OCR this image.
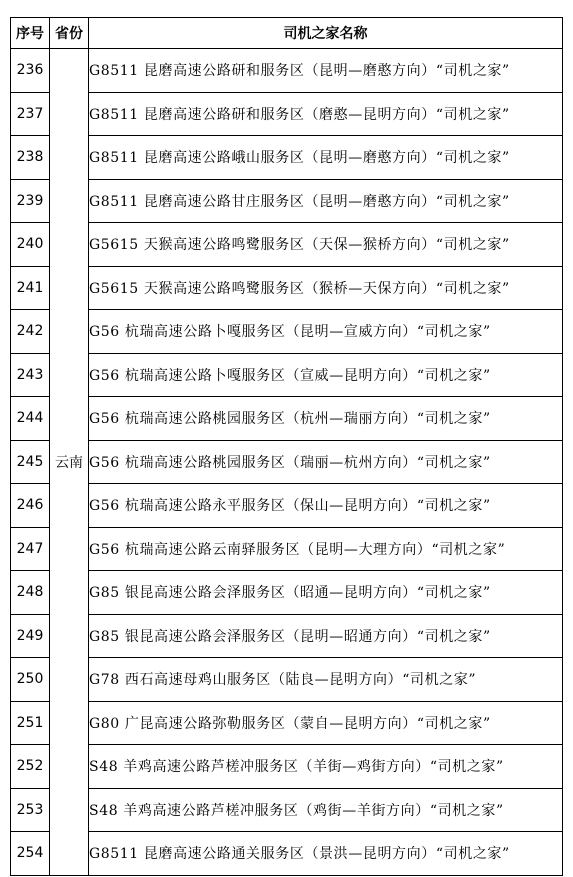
序号	省份	司机之家名称
236	云南	G8511 昆磨高速公路研和服务区（昆明—磨憨方向）“司机之家”
237		G8511 昆磨高速公路研和服务区（磨憨—昆明方向）“司机之家”
238		G8511 昆磨高速公路峨山服务区（昆明—磨憨方向）“司机之家”
239		G8511 昆磨高速公路甘庄服务区（昆明—磨憨方向）“司机之家”
240		G5615 天猴高速公路鸣鹭服务区（天保—猴桥方向）“司机之家”
241		G5615 天猴高速公路鸣鹭服务区（猴桥—天保方向）“司机之家”
242		G56 杭瑞高速公路卜嘎服务区（昆明—宣威方向）“司机之家”
243		G56 杭瑞高速公路卜嘎服务区（宣威—昆明方向）“司机之家”
244		G56 杭瑞高速公路桃园服务区（杭州—瑞丽方向）“司机之家”
245		G56 杭瑞高速公路桃园服务区（瑞丽—杭州方向）“司机之家”
246		G56 杭瑞高速公路永平服务区（保山—昆明方向）“司机之家”
247		G56 杭瑞高速公路云南驿服务区（昆明—大理方向）“司机之家”
248		G85 银昆高速公路会泽服务区（昭通—昆明方向）“司机之家”
249		G85 银昆高速公路会泽服务区（昆明—昭通方向）“司机之家”
250		G78 西石高速母鸡山服务区（陆良—昆明方向）“司机之家”
251		G80 广昆高速公路弥勒服务区（蒙自—昆明方向）“司机之家”
252		S48 羊鸡高速公路芦槎冲服务区（羊街—鸡街方向）“司机之家”
253		S48 羊鸡高速公路芦槎冲服务区（鸡街—羊街方向）“司机之家”
254		G8511 昆磨高速公路通关服务区（景洪—昆明方向）“司机之家”
